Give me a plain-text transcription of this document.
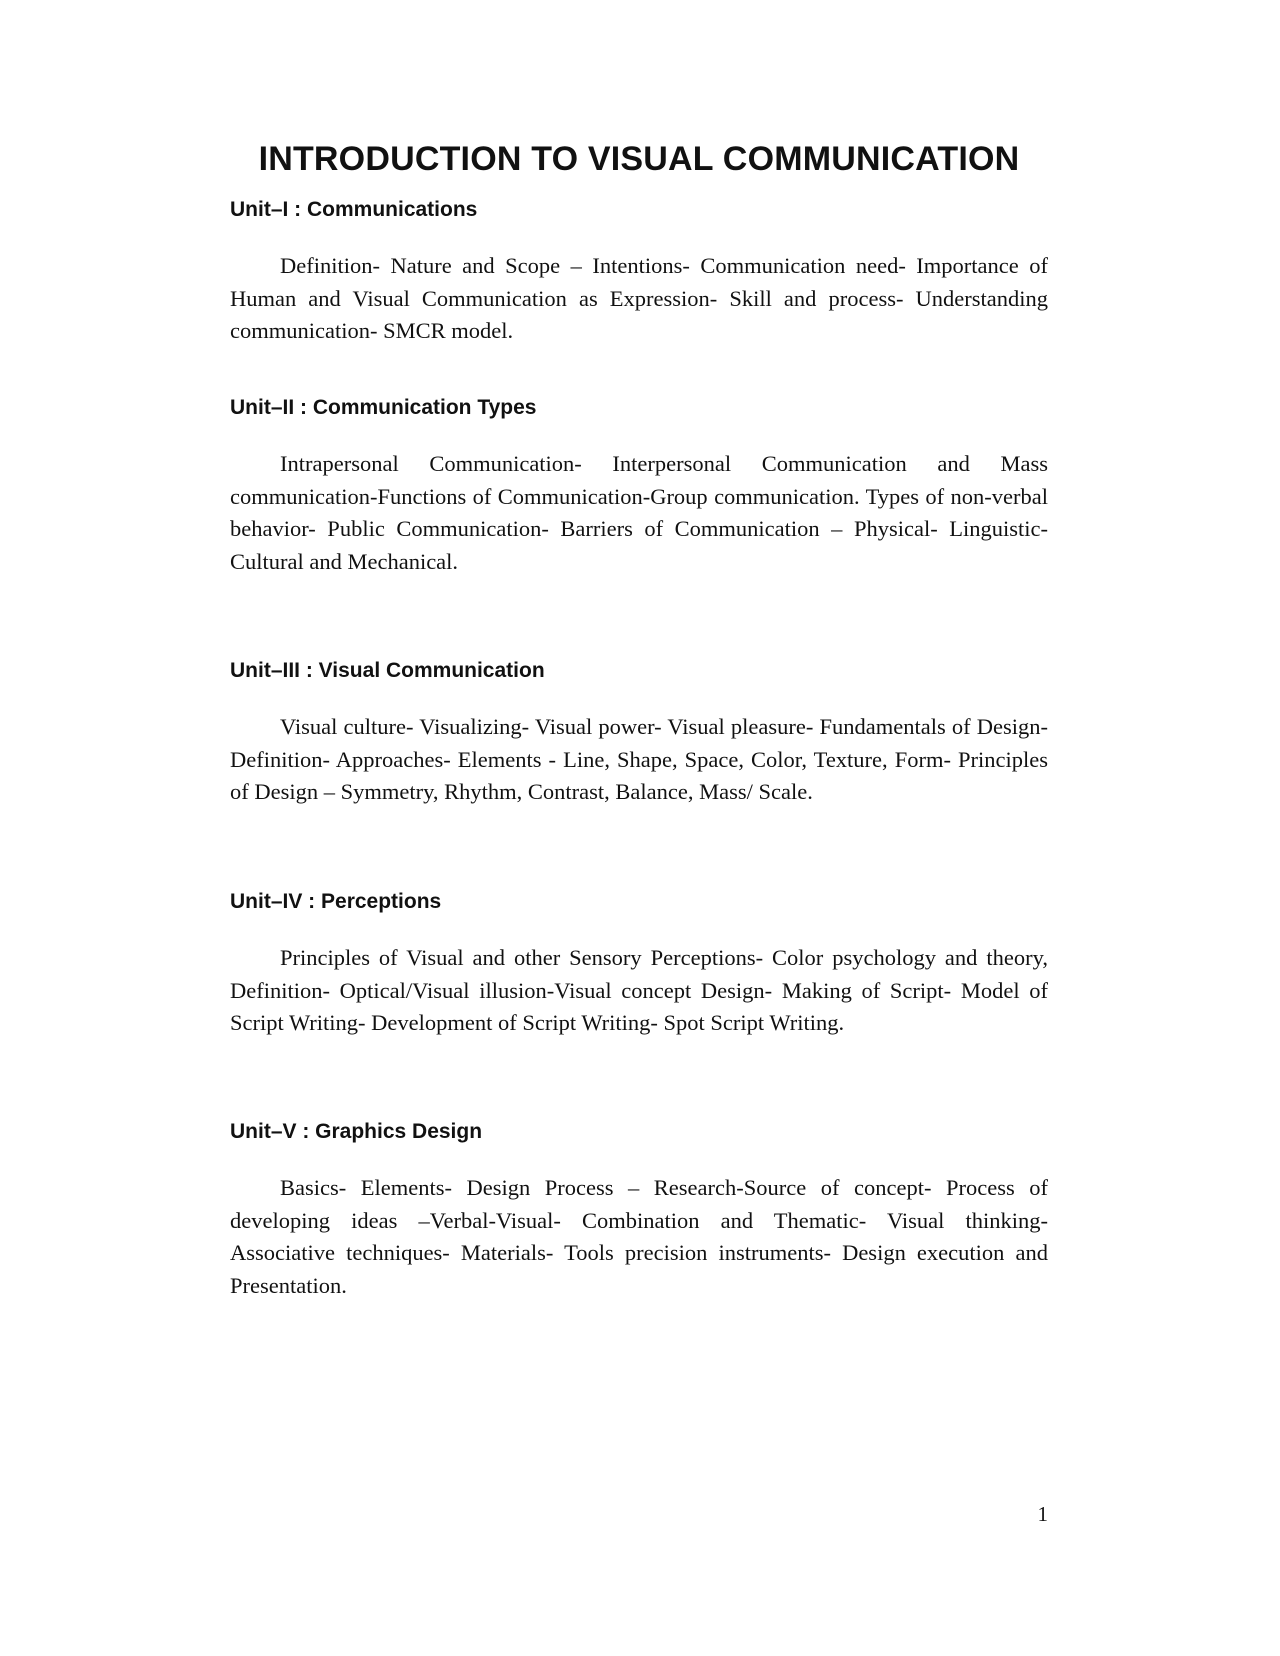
INTRODUCTION TO VISUAL COMMUNICATION
Unit–I : Communications

Definition- Nature and Scope – Intentions- Communication need- Importance of Human and Visual Communication as Expression- Skill and process- Understanding communication- SMCR model.

Unit–II : Communication Types

Intrapersonal Communication- Interpersonal Communication and Mass communication-Functions of Communication-Group communication. Types of non-verbal behavior- Public Communication- Barriers of Communication – Physical- Linguistic- Cultural and Mechanical.

Unit–III : Visual Communication

Visual culture- Visualizing- Visual power- Visual pleasure- Fundamentals of Design- Definition- Approaches- Elements - Line, Shape, Space, Color, Texture, Form- Principles of Design – Symmetry, Rhythm, Contrast, Balance, Mass/ Scale.

Unit–IV : Perceptions

Principles of Visual and other Sensory Perceptions- Color psychology and theory, Definition- Optical/Visual illusion-Visual concept Design- Making of Script- Model of Script Writing- Development of Script Writing- Spot Script Writing.

Unit–V : Graphics Design

Basics- Elements- Design Process – Research-Source of concept- Process of developing ideas –Verbal-Visual- Combination and Thematic- Visual thinking- Associative techniques- Materials- Tools precision instruments- Design execution and Presentation.

1
